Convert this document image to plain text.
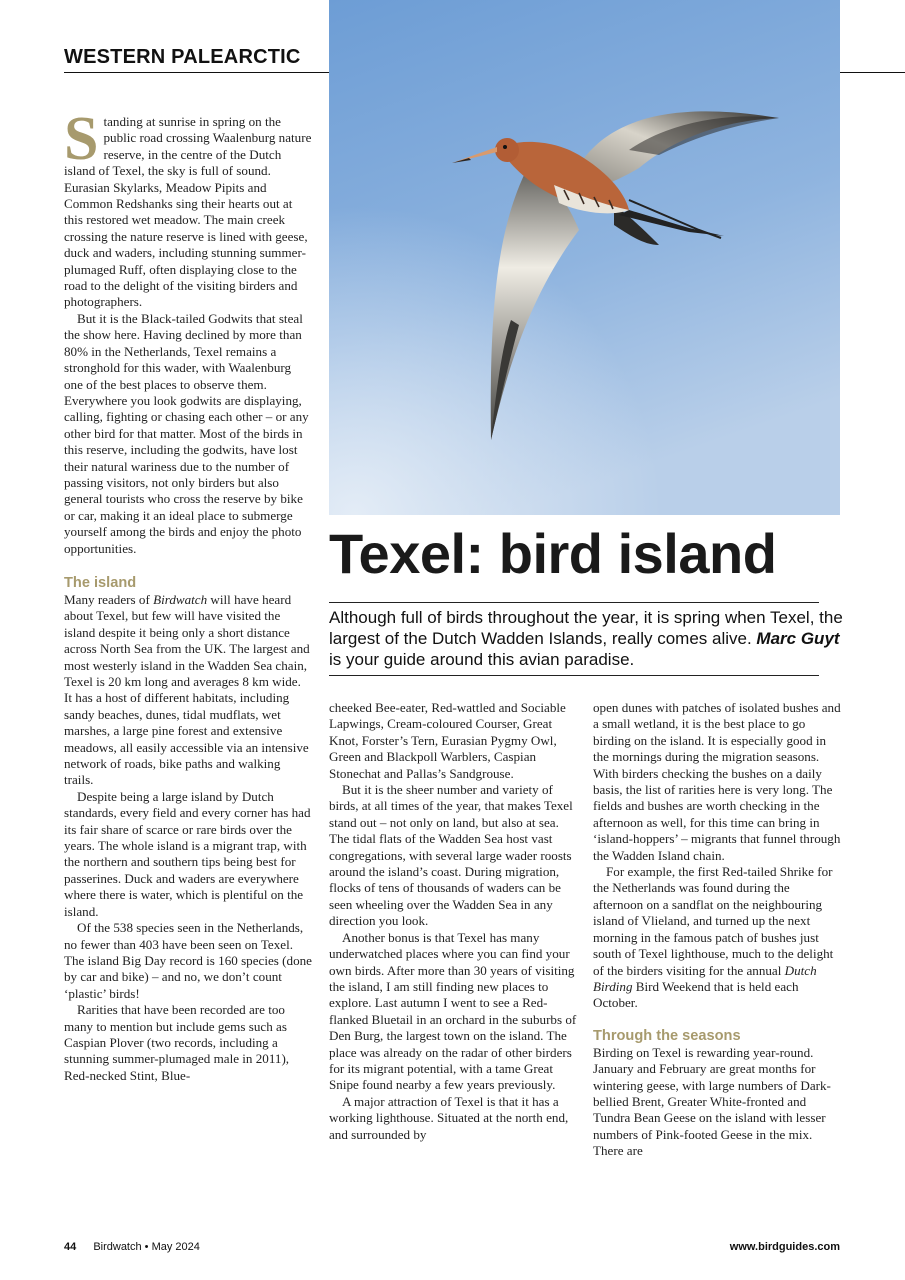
WESTERN PALEARCTIC

Standing at sunrise in spring on the public road crossing Waalenburg nature reserve, in the centre of the Dutch island of Texel, the sky is full of sound. Eurasian Skylarks, Meadow Pipits and Common Redshanks sing their hearts out at this restored wet meadow. The main creek crossing the nature reserve is lined with geese, duck and waders, including stunning summer-plumaged Ruff, often displaying close to the road to the delight of the visiting birders and photographers.

But it is the Black-tailed Godwits that steal the show here. Having declined by more than 80% in the Netherlands, Texel remains a stronghold for this wader, with Waalenburg one of the best places to observe them. Everywhere you look godwits are displaying, calling, fighting or chasing each other – or any other bird for that matter. Most of the birds in this reserve, including the godwits, have lost their natural wariness due to the number of passing visitors, not only birders but also general tourists who cross the reserve by bike or car, making it an ideal place to submerge yourself among the birds and enjoy the photo opportunities.

The island

Many readers of Birdwatch will have heard about Texel, but few will have visited the island despite it being only a short distance across North Sea from the UK. The largest and most westerly island in the Wadden Sea chain, Texel is 20 km long and averages 8 km wide. It has a host of different habitats, including sandy beaches, dunes, tidal mudflats, wet marshes, a large pine forest and extensive meadows, all easily accessible via an intensive network of roads, bike paths and walking trails.

Despite being a large island by Dutch standards, every field and every corner has had its fair share of scarce or rare birds over the years. The whole island is a migrant trap, with the northern and southern tips being best for passerines. Duck and waders are everywhere where there is water, which is plentiful on the island.

Of the 538 species seen in the Netherlands, no fewer than 403 have been seen on Texel. The island Big Day record is 160 species (done by car and bike) – and no, we don’t count ‘plastic’ birds!

Rarities that have been recorded are too many to mention but include gems such as Caspian Plover (two records, including a stunning summer-plumaged male in 2011), Red-necked Stint, Blue-

Texel: bird island
Although full of birds throughout the year, it is spring when Texel, the largest of the Dutch Wadden Islands, really comes alive. Marc Guyt is your guide around this avian paradise.

cheeked Bee-eater, Red-wattled and Sociable Lapwings, Cream-coloured Courser, Great Knot, Forster’s Tern, Eurasian Pygmy Owl, Green and Blackpoll Warblers, Caspian Stonechat and Pallas’s Sandgrouse.

But it is the sheer number and variety of birds, at all times of the year, that makes Texel stand out – not only on land, but also at sea. The tidal flats of the Wadden Sea host vast congregations, with several large wader roosts around the island’s coast. During migration, flocks of tens of thousands of waders can be seen wheeling over the Wadden Sea in any direction you look.

Another bonus is that Texel has many underwatched places where you can find your own birds. After more than 30 years of visiting the island, I am still finding new places to explore. Last autumn I went to see a Red-flanked Bluetail in an orchard in the suburbs of Den Burg, the largest town on the island. The place was already on the radar of other birders for its migrant potential, with a tame Great Snipe found nearby a few years previously.

A major attraction of Texel is that it has a working lighthouse. Situated at the north end, and surrounded by

open dunes with patches of isolated bushes and a small wetland, it is the best place to go birding on the island. It is especially good in the mornings during the migration seasons. With birders checking the bushes on a daily basis, the list of rarities here is very long. The fields and bushes are worth checking in the afternoon as well, for this time can bring in ‘island-hoppers’ – migrants that funnel through the Wadden Island chain.

For example, the first Red-tailed Shrike for the Netherlands was found during the afternoon on a sandflat on the neighbouring island of Vlieland, and turned up the next morning in the famous patch of bushes just south of Texel lighthouse, much to the delight of the birders visiting for the annual Dutch Birding Bird Weekend that is held each October.

Through the seasons

Birding on Texel is rewarding year-round. January and February are great months for wintering geese, with large numbers of Dark-bellied Brent, Greater White-fronted and Tundra Bean Geese on the island with lesser numbers of Pink-footed Geese in the mix. There are

44 Birdwatch • May 2024	www.birdguides.com
